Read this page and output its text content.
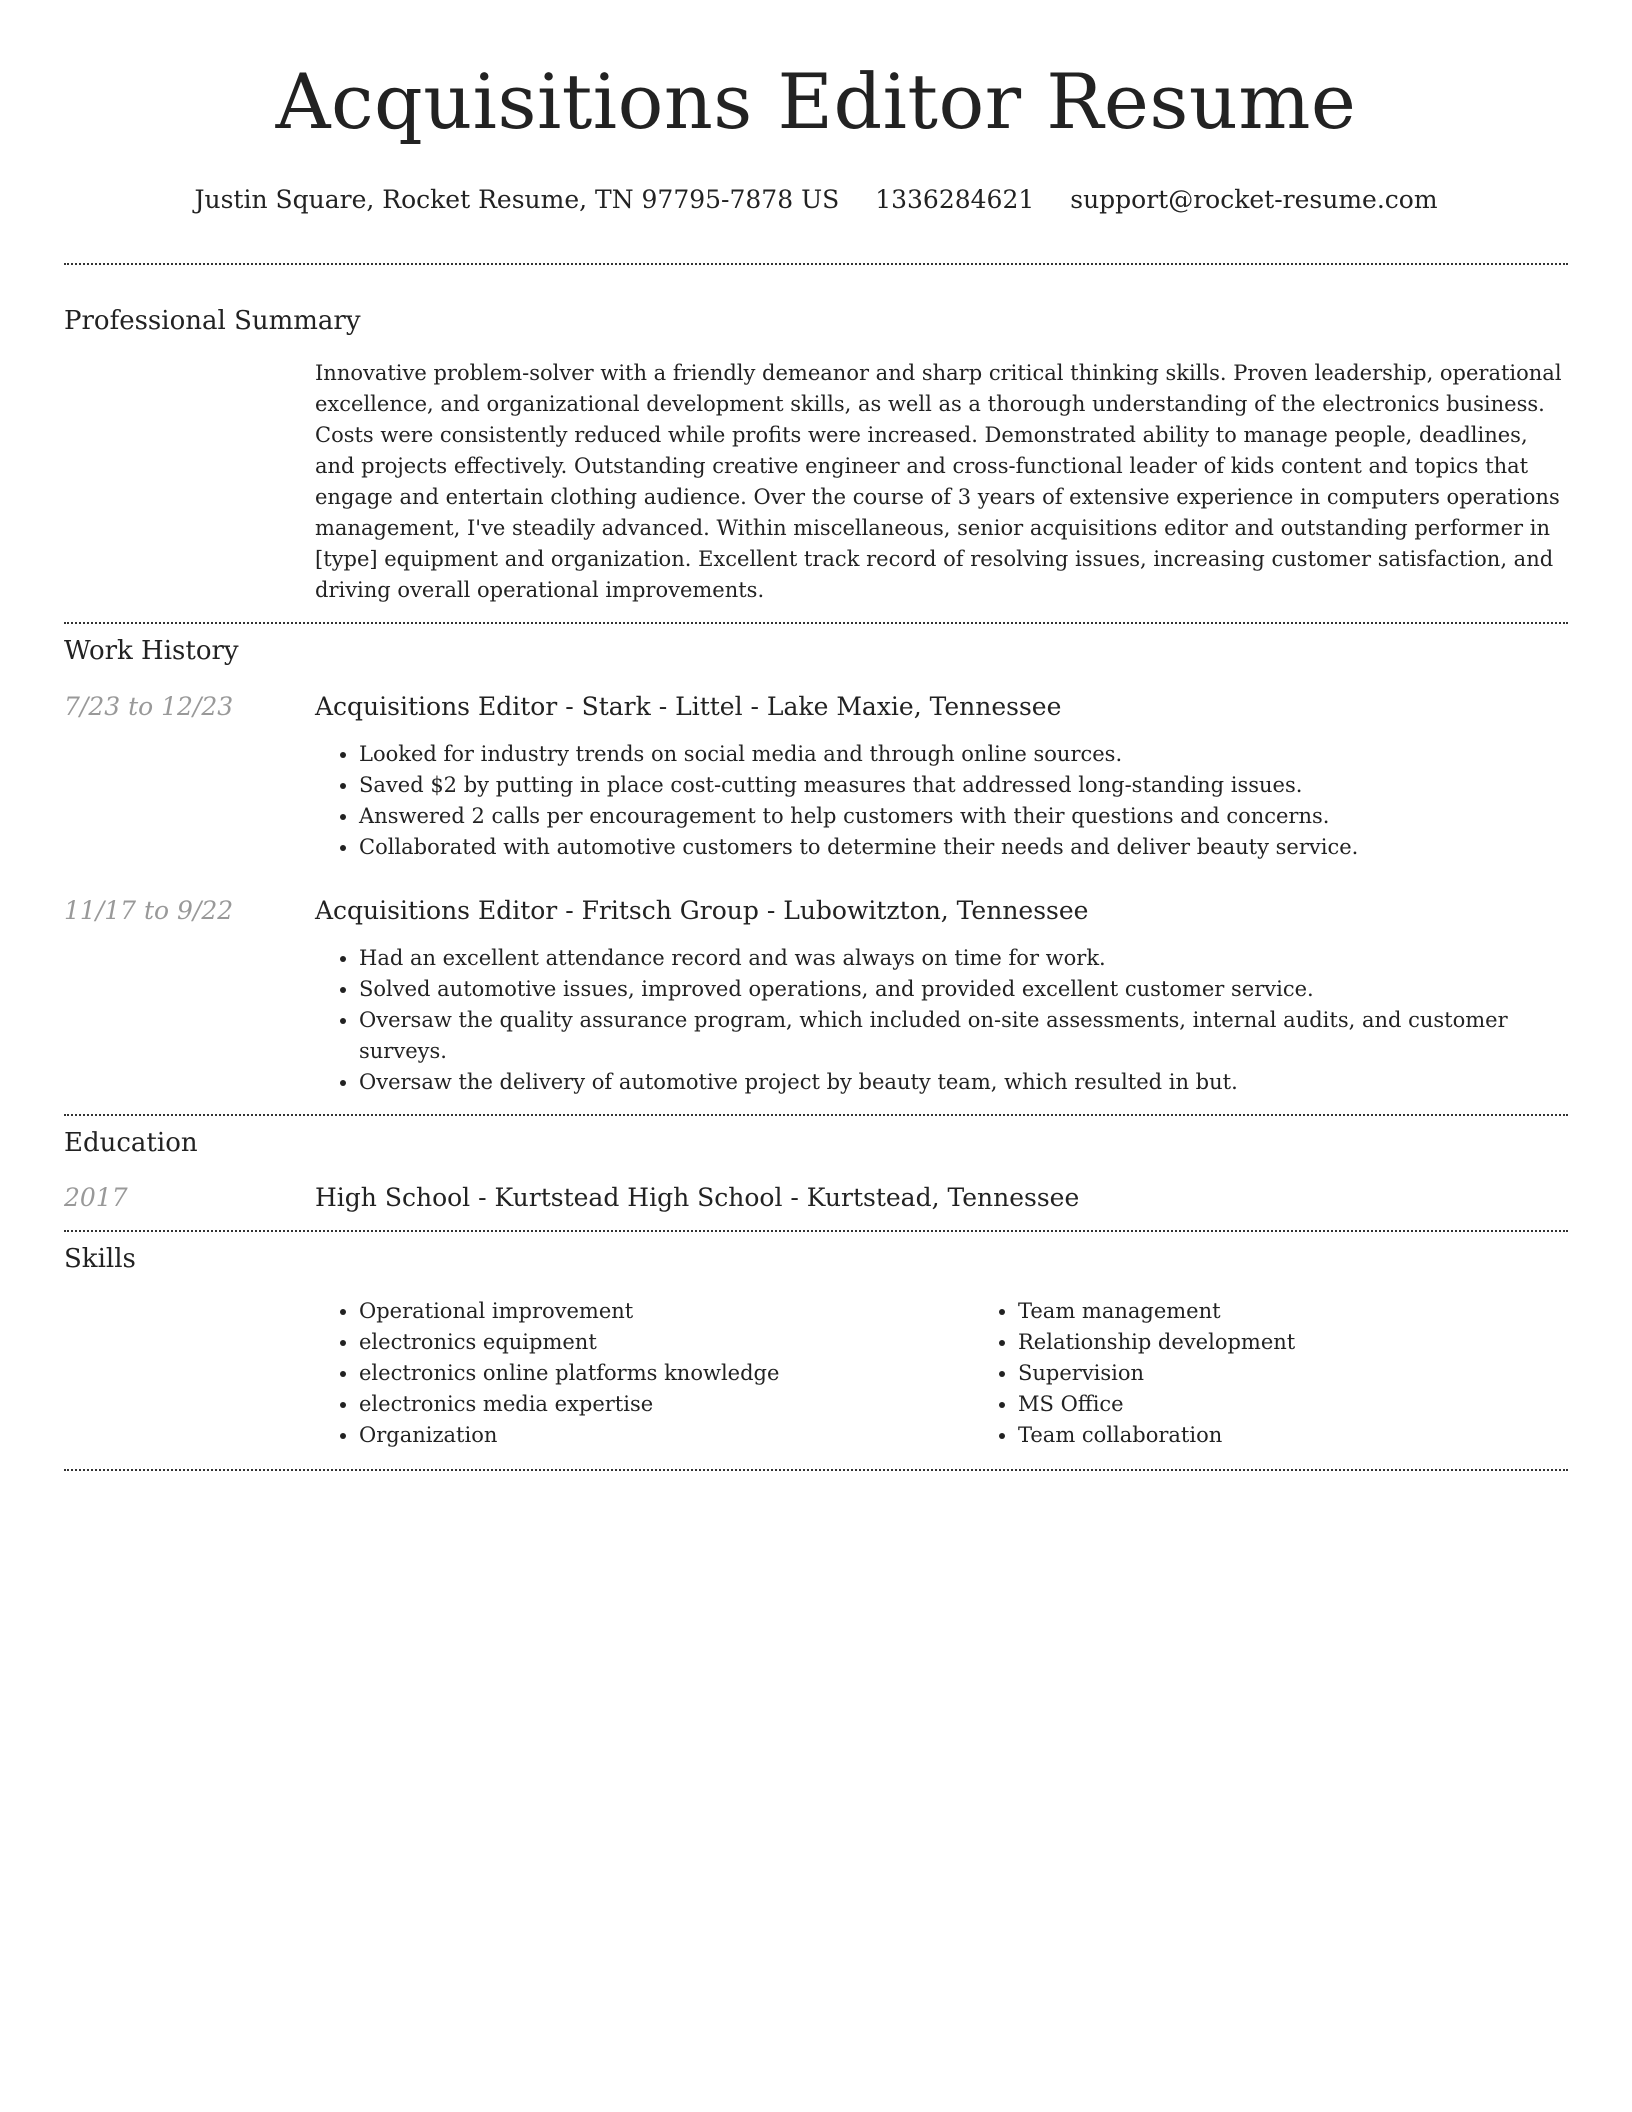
Acquisitions Editor Resume
Justin Square, Rocket Resume, TN 97795-7878 US 1336284621 support@rocket-resume.com
Professional Summary

Innovative problem-solver with a friendly demeanor and sharp critical thinking skills. Proven leadership, operational excellence, and organizational development skills, as well as a thorough understanding of the electronics business. Costs were consistently reduced while profits were increased. Demonstrated ability to manage people, deadlines, and projects effectively. Outstanding creative engineer and cross-functional leader of kids content and topics that engage and entertain clothing audience. Over the course of 3 years of extensive experience in computers operations management, I've steadily advanced. Within miscellaneous, senior acquisitions editor and outstanding performer in [type] equipment and organization. Excellent track record of resolving issues, increasing customer satisfaction, and driving overall operational improvements.

Work History
7/23 to 12/23	Acquisitions Editor - Stark - Littel - Lake Maxie, Tennessee
• Looked for industry trends on social media and through online sources.
• Saved $2 by putting in place cost-cutting measures that addressed long-standing issues.
• Answered 2 calls per encouragement to help customers with their questions and concerns.
• Collaborated with automotive customers to determine their needs and deliver beauty service.
11/17 to 9/22	Acquisitions Editor - Fritsch Group - Lubowitzton, Tennessee
• Had an excellent attendance record and was always on time for work.
• Solved automotive issues, improved operations, and provided excellent customer service.
• Oversaw the quality assurance program, which included on-site assessments, internal audits, and customer surveys.
• Oversaw the delivery of automotive project by beauty team, which resulted in but.
Education
2017	High School - Kurtstead High School - Kurtstead, Tennessee
Skills
• Operational improvement
• electronics equipment
• electronics online platforms knowledge
• electronics media expertise
• Organization
• Team management
• Relationship development
• Supervision
• MS Office
• Team collaboration
